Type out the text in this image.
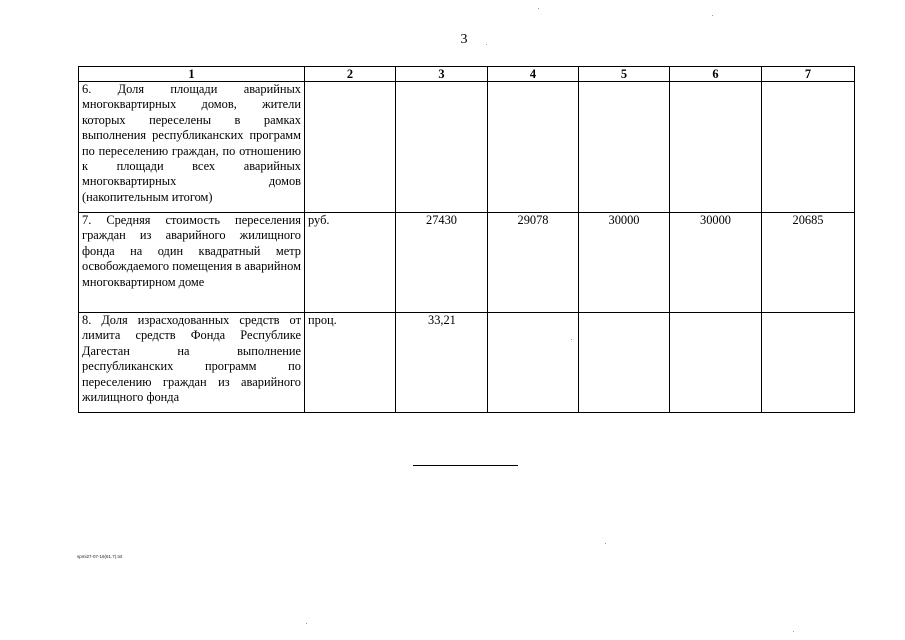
3
1	2	3	4	5	6	7
6. Доля площади аварийных многоквартирных домов, жители которых переселены в рамках выполнения республиканских программ по переселению граждан, по отношению к площади всех аварийных многоквартирных домов (накопительным итогом)						
7. Средняя стоимость переселения граждан из аварийного жилищного фонда на один квадратный метр освобождаемого помещения в аварийном многоквартирном доме	руб.	27430	29078	30000	30000	20685
8. Доля израсходованных средств от лимита средств Фонда Республике Дагестан на выполнение республиканских программ по переселению граждан из аварийного жилищного фонда	проц.	33,21				
spmi27-07-16(61.7).txt
